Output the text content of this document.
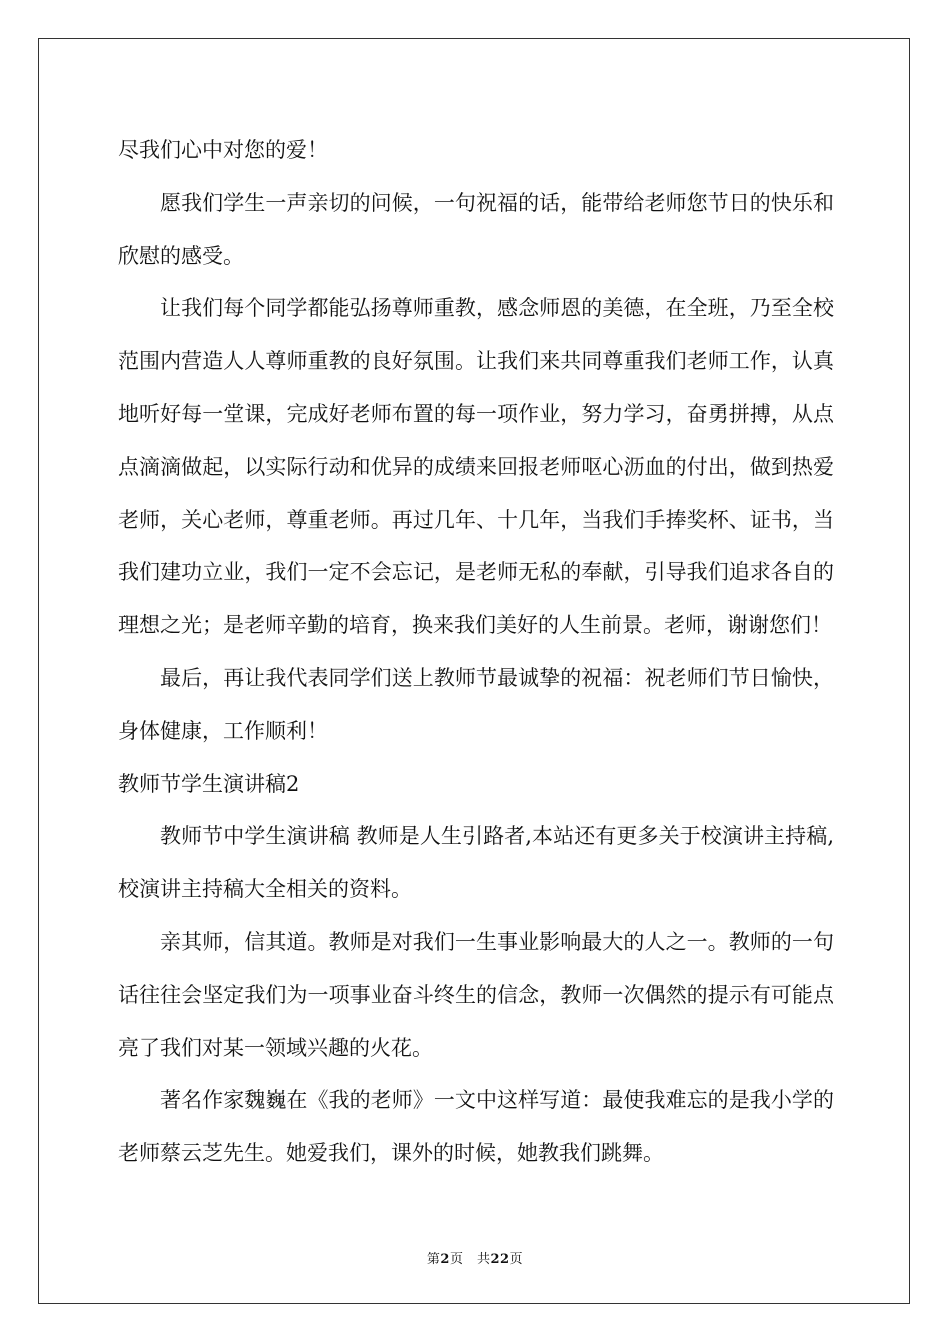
尽我们心中对您的爱！

愿我们学生一声亲切的问候，一句祝福的话，能带给老师您节日的快乐和欣慰的感受。

让我们每个同学都能弘扬尊师重教，感念师恩的美德，在全班，乃至全校范围内营造人人尊师重教的良好氛围。让我们来共同尊重我们老师工作，认真地听好每一堂课，完成好老师布置的每一项作业，努力学习，奋勇拼搏，从点点滴滴做起，以实际行动和优异的成绩来回报老师呕心沥血的付出，做到热爱老师，关心老师，尊重老师。再过几年、十几年，当我们手捧奖杯、证书，当我们建功立业，我们一定不会忘记，是老师无私的奉献，引导我们追求各自的理想之光；是老师辛勤的培育，换来我们美好的人生前景。老师，谢谢您们！

最后，再让我代表同学们送上教师节最诚挚的祝福：祝老师们节日愉快，身体健康，工作顺利！

教师节学生演讲稿2

教师节中学生演讲稿 教师是人生引路者,本站还有更多关于校演讲主持稿,校演讲主持稿大全相关的资料。

亲其师，信其道。教师是对我们一生事业影响最大的人之一。教师的一句话往往会坚定我们为一项事业奋斗终生的信念，教师一次偶然的提示有可能点亮了我们对某一领域兴趣的火花。

著名作家魏巍在《我的老师》一文中这样写道：最使我难忘的是我小学的老师蔡云芝先生。她爱我们，课外的时候，她教我们跳舞。

第2页　共22页
